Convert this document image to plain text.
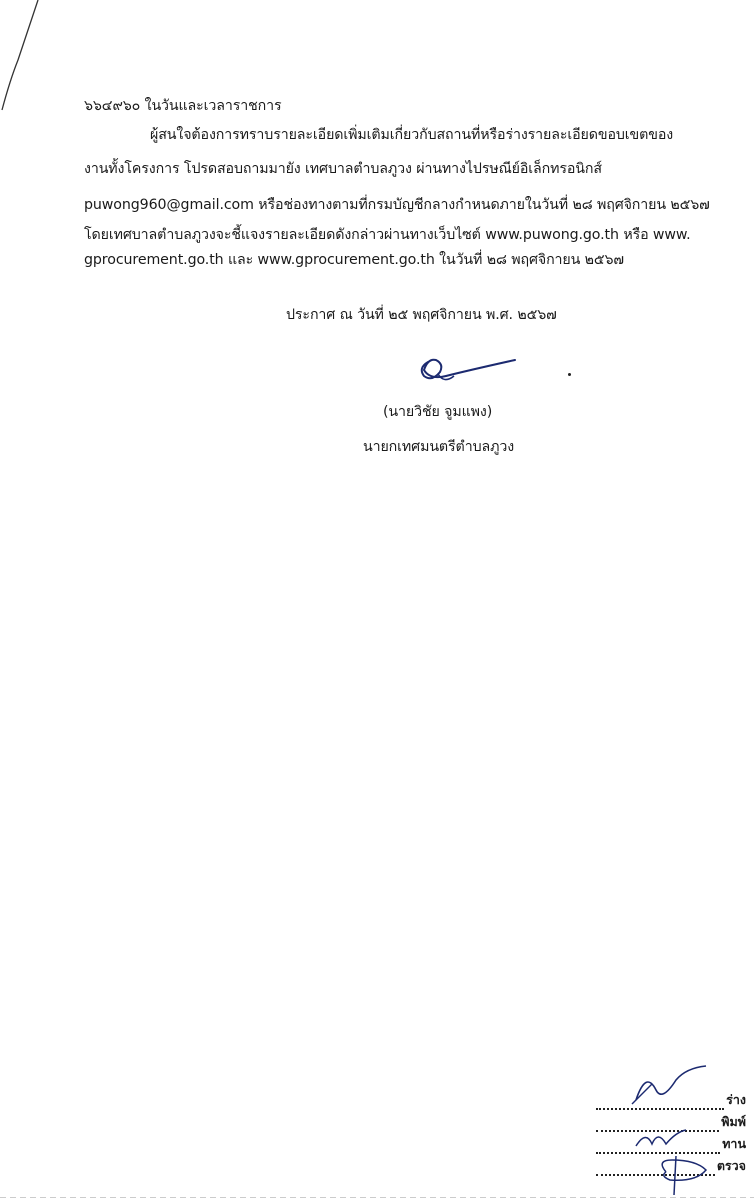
๖๖๔๙๖๐ ในวันและเวลาราชการ
ผู้สนใจต้องการทราบรายละเอียดเพิ่มเติมเกี่ยวกับสถานที่หรือร่างรายละเอียดขอบเขตของ
งานทั้งโครงการ โปรดสอบถามมายัง เทศบาลตำบลภูวง ผ่านทางไปรษณีย์อิเล็กทรอนิกส์
puwong960@gmail.com หรือช่องทางตามที่กรมบัญชีกลางกำหนดภายในวันที่ ๒๘ พฤศจิกายน ๒๕๖๗
โดยเทศบาลตำบลภูวงจะชี้แจงรายละเอียดดังกล่าวผ่านทางเว็บไซต์ www.puwong.go.th หรือ www.
gprocurement.go.th และ www.gprocurement.go.th ในวันที่ ๒๘ พฤศจิกายน ๒๕๖๗
ประกาศ ณ วันที่ ๒๕ พฤศจิกายน พ.ศ. ๒๕๖๗
(นายวิชัย จูมแพง)
นายกเทศมนตรีตำบลภูวง
ร่าง
พิมพ์
ทาน
ตรวจ
